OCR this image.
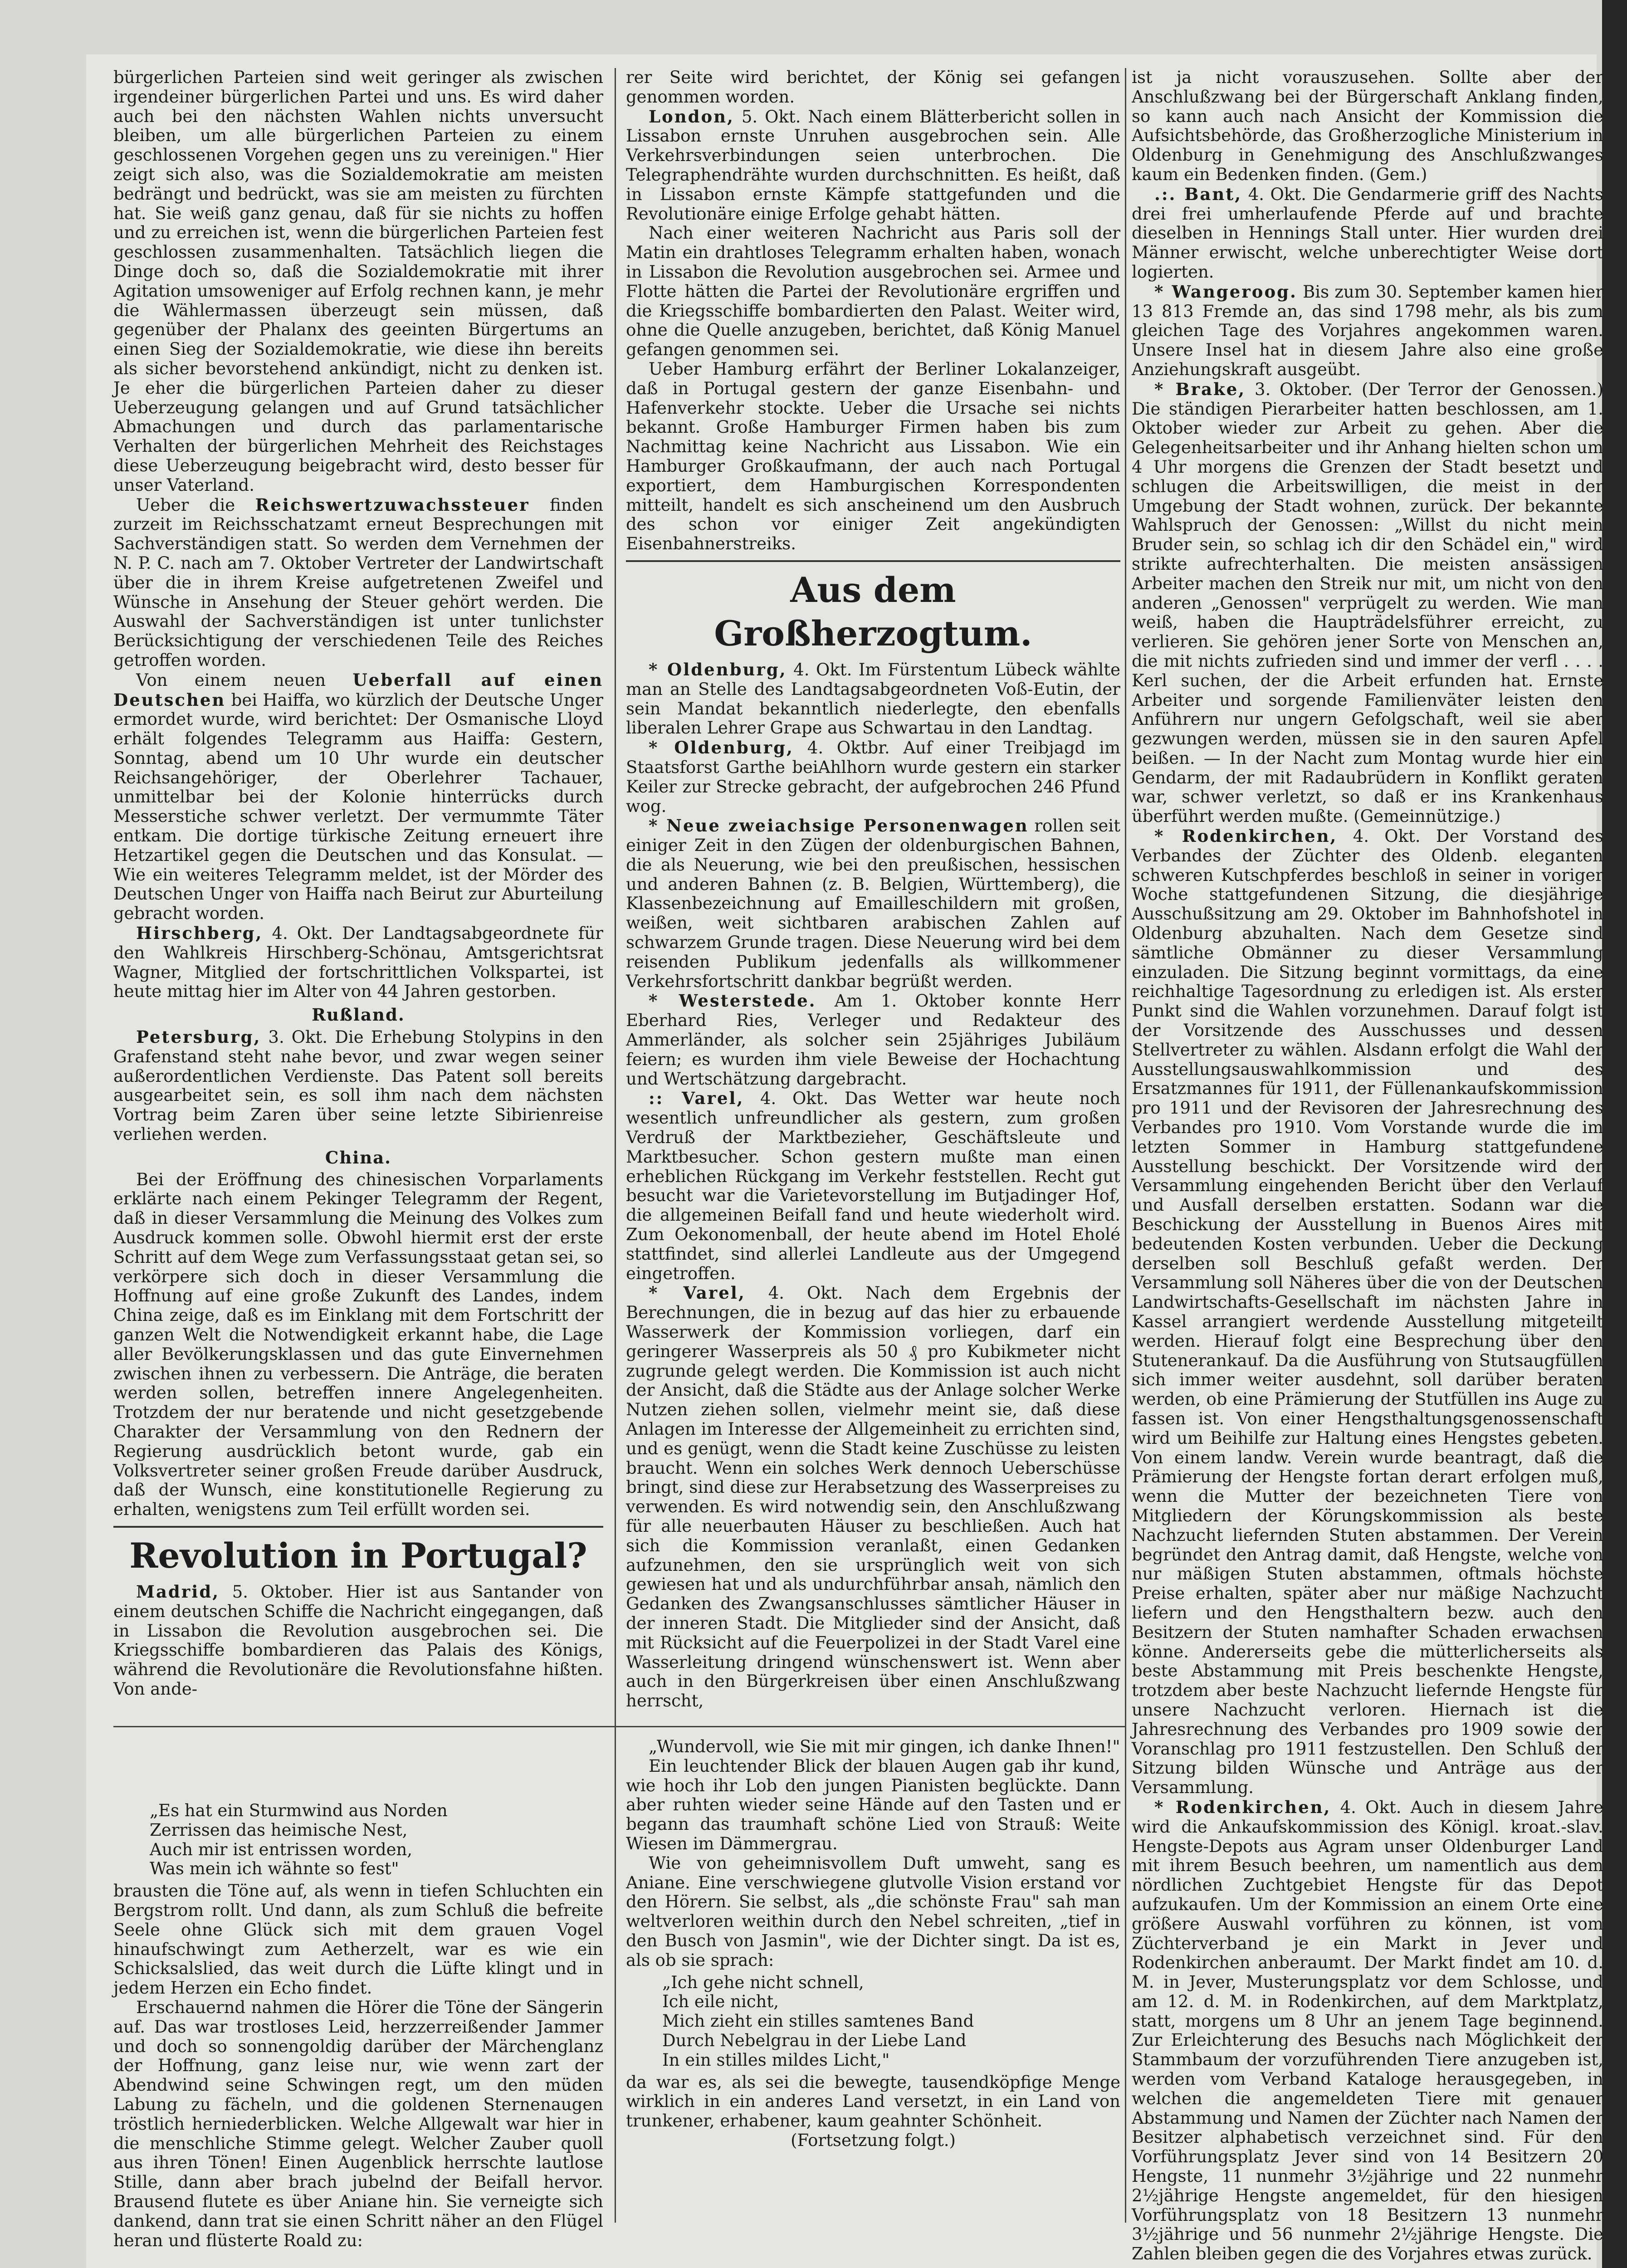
bürgerlichen Parteien sind weit geringer als zwischen irgendeiner bürgerlichen Partei und uns. Es wird daher auch bei den nächsten Wahlen nichts unversucht bleiben, um alle bürgerlichen Parteien zu einem geschlossenen Vorgehen gegen uns zu vereinigen." Hier zeigt sich also, was die Sozialdemokratie am meisten bedrängt und bedrückt, was sie am meisten zu fürchten hat. Sie weiß ganz genau, daß für sie nichts zu hoffen und zu erreichen ist, wenn die bürgerlichen Parteien fest geschlossen zusammenhalten. Tatsächlich liegen die Dinge doch so, daß die Sozialdemokratie mit ihrer Agitation umsoweniger auf Erfolg rechnen kann, je mehr die Wählermassen überzeugt sein müssen, daß gegenüber der Phalanx des geeinten Bürgertums an einen Sieg der Sozialdemokratie, wie diese ihn bereits als sicher bevorstehend ankündigt, nicht zu denken ist. Je eher die bürgerlichen Parteien daher zu dieser Ueberzeugung gelangen und auf Grund tatsächlicher Abmachungen und durch das parlamentarische Verhalten der bürgerlichen Mehrheit des Reichstages diese Ueberzeugung beigebracht wird, desto besser für unser Vaterland.

Ueber die Reichswertzuwachssteuer finden zurzeit im Reichsschatzamt erneut Besprechungen mit Sachverständigen statt. So werden dem Vernehmen der N. P. C. nach am 7. Oktober Vertreter der Landwirtschaft über die in ihrem Kreise aufgetretenen Zweifel und Wünsche in Ansehung der Steuer gehört werden. Die Auswahl der Sachverständigen ist unter tunlichster Berücksichtigung der verschiedenen Teile des Reiches getroffen worden.

Von einem neuen Ueberfall auf einen Deutschen bei Haiffa, wo kürzlich der Deutsche Unger ermordet wurde, wird berichtet: Der Osmanische Lloyd erhält folgendes Telegramm aus Haiffa: Gestern, Sonntag, abend um 10 Uhr wurde ein deutscher Reichsangehöriger, der Oberlehrer Tachauer, unmittelbar bei der Kolonie hinterrücks durch Messerstiche schwer verletzt. Der vermummte Täter entkam. Die dortige türkische Zeitung erneuert ihre Hetzartikel gegen die Deutschen und das Konsulat. — Wie ein weiteres Telegramm meldet, ist der Mörder des Deutschen Unger von Haiffa nach Beirut zur Aburteilung gebracht worden.

Hirschberg, 4. Okt. Der Landtagsabgeordnete für den Wahlkreis Hirschberg-Schönau, Amtsgerichtsrat Wagner, Mitglied der fortschrittlichen Volkspartei, ist heute mittag hier im Alter von 44 Jahren gestorben.

Rußland.

Petersburg, 3. Okt. Die Erhebung Stolypins in den Grafenstand steht nahe bevor, und zwar wegen seiner außerordentlichen Verdienste. Das Patent soll bereits ausgearbeitet sein, es soll ihm nach dem nächsten Vortrag beim Zaren über seine letzte Sibirienreise verliehen werden.

China.

Bei der Eröffnung des chinesischen Vorparlaments erklärte nach einem Pekinger Telegramm der Regent, daß in dieser Versammlung die Meinung des Volkes zum Ausdruck kommen solle. Obwohl hiermit erst der erste Schritt auf dem Wege zum Verfassungsstaat getan sei, so verkörpere sich doch in dieser Versammlung die Hoffnung auf eine große Zukunft des Landes, indem China zeige, daß es im Einklang mit dem Fortschritt der ganzen Welt die Notwendigkeit erkannt habe, die Lage aller Bevölkerungsklassen und das gute Einvernehmen zwischen ihnen zu verbessern. Die Anträge, die beraten werden sollen, betreffen innere Angelegenheiten. Trotzdem der nur beratende und nicht gesetzgebende Charakter der Versammlung von den Rednern der Regierung ausdrücklich betont wurde, gab ein Volksvertreter seiner großen Freude darüber Ausdruck, daß der Wunsch, eine konstitutionelle Regierung zu erhalten, wenigstens zum Teil erfüllt worden sei.

Revolution in Portugal?

Madrid, 5. Oktober. Hier ist aus Santander von einem deutschen Schiffe die Nachricht eingegangen, daß in Lissabon die Revolution ausgebrochen sei. Die Kriegsschiffe bombardieren das Palais des Königs, während die Revolutionäre die Revolutionsfahne hißten. Von ande-

„Es hat ein Sturmwind aus Norden
Zerrissen das heimische Nest,
Auch mir ist entrissen worden,
Was mein ich wähnte so fest"

brausten die Töne auf, als wenn in tiefen Schluchten ein Bergstrom rollt. Und dann, als zum Schluß die befreite Seele ohne Glück sich mit dem grauen Vogel hinaufschwingt zum Aetherzelt, war es wie ein Schicksalslied, das weit durch die Lüfte klingt und in jedem Herzen ein Echo findet.

Erschauernd nahmen die Hörer die Töne der Sängerin auf. Das war trostloses Leid, herzzerreißender Jammer und doch so sonnengoldig darüber der Märchenglanz der Hoffnung, ganz leise nur, wie wenn zart der Abendwind seine Schwingen regt, um den müden Labung zu fächeln, und die goldenen Sternenaugen tröstlich herniederblicken. Welche Allgewalt war hier in die menschliche Stimme gelegt. Welcher Zauber quoll aus ihren Tönen! Einen Augenblick herrschte lautlose Stille, dann aber brach jubelnd der Beifall hervor. Brausend flutete es über Aniane hin. Sie verneigte sich dankend, dann trat sie einen Schritt näher an den Flügel heran und flüsterte Roald zu:

rer Seite wird berichtet, der König sei gefangen genommen worden.

London, 5. Okt. Nach einem Blätterbericht sollen in Lissabon ernste Unruhen ausgebrochen sein. Alle Verkehrsverbindungen seien unterbrochen. Die Telegraphendrähte wurden durchschnitten. Es heißt, daß in Lissabon ernste Kämpfe stattgefunden und die Revolutionäre einige Erfolge gehabt hätten.

Nach einer weiteren Nachricht aus Paris soll der Matin ein drahtloses Telegramm erhalten haben, wonach in Lissabon die Revolution ausgebrochen sei. Armee und Flotte hätten die Partei der Revolutionäre ergriffen und die Kriegsschiffe bombardierten den Palast. Weiter wird, ohne die Quelle anzugeben, berichtet, daß König Manuel gefangen genommen sei.

Ueber Hamburg erfährt der Berliner Lokalanzeiger, daß in Portugal gestern der ganze Eisenbahn- und Hafenverkehr stockte. Ueber die Ursache sei nichts bekannt. Große Hamburger Firmen haben bis zum Nachmittag keine Nachricht aus Lissabon. Wie ein Hamburger Großkaufmann, der auch nach Portugal exportiert, dem Hamburgischen Korrespondenten mitteilt, handelt es sich anscheinend um den Ausbruch des schon vor einiger Zeit angekündigten Eisenbahnerstreiks.

Aus dem Großherzogtum.

* Oldenburg, 4. Okt. Im Fürstentum Lübeck wählte man an Stelle des Landtagsabgeordneten Voß-Eutin, der sein Mandat bekanntlich niederlegte, den ebenfalls liberalen Lehrer Grape aus Schwartau in den Landtag.

* Oldenburg, 4. Oktbr. Auf einer Treibjagd im Staatsforst Garthe beiAhlhorn wurde gestern ein starker Keiler zur Strecke gebracht, der aufgebrochen 246 Pfund wog.

* Neue zweiachsige Personenwagen rollen seit einiger Zeit in den Zügen der oldenburgischen Bahnen, die als Neuerung, wie bei den preußischen, hessischen und anderen Bahnen (z. B. Belgien, Württemberg), die Klassenbezeichnung auf Emailleschildern mit großen, weißen, weit sichtbaren arabischen Zahlen auf schwarzem Grunde tragen. Diese Neuerung wird bei dem reisenden Publikum jedenfalls als willkommener Verkehrsfortschritt dankbar begrüßt werden.

* Westerstede. Am 1. Oktober konnte Herr Eberhard Ries, Verleger und Redakteur des Ammerländer, als solcher sein 25jähriges Jubiläum feiern; es wurden ihm viele Beweise der Hochachtung und Wertschätzung dargebracht.

:: Varel, 4. Okt. Das Wetter war heute noch wesentlich unfreundlicher als gestern, zum großen Verdruß der Marktbezieher, Geschäftsleute und Marktbesucher. Schon gestern mußte man einen erheblichen Rückgang im Verkehr feststellen. Recht gut besucht war die Varietevorstellung im Butjadinger Hof, die allgemeinen Beifall fand und heute wiederholt wird. Zum Oekonomenball, der heute abend im Hotel Eholé stattfindet, sind allerlei Landleute aus der Umgegend eingetroffen.

* Varel, 4. Okt. Nach dem Ergebnis der Berechnungen, die in bezug auf das hier zu erbauende Wasserwerk der Kommission vorliegen, darf ein geringerer Wasserpreis als 50 ₰ pro Kubikmeter nicht zugrunde gelegt werden. Die Kommission ist auch nicht der Ansicht, daß die Städte aus der Anlage solcher Werke Nutzen ziehen sollen, vielmehr meint sie, daß diese Anlagen im Interesse der Allgemeinheit zu errichten sind, und es genügt, wenn die Stadt keine Zuschüsse zu leisten braucht. Wenn ein solches Werk dennoch Ueberschüsse bringt, sind diese zur Herabsetzung des Wasserpreises zu verwenden. Es wird notwendig sein, den Anschlußzwang für alle neuerbauten Häuser zu beschließen. Auch hat sich die Kommission veranlaßt, einen Gedanken aufzunehmen, den sie ursprünglich weit von sich gewiesen hat und als undurchführbar ansah, nämlich den Gedanken des Zwangsanschlusses sämtlicher Häuser in der inneren Stadt. Die Mitglieder sind der Ansicht, daß mit Rücksicht auf die Feuerpolizei in der Stadt Varel eine Wasserleitung dringend wünschenswert ist. Wenn aber auch in den Bürgerkreisen über einen Anschlußzwang herrscht,

„Wundervoll, wie Sie mit mir gingen, ich danke Ihnen!"

Ein leuchtender Blick der blauen Augen gab ihr kund, wie hoch ihr Lob den jungen Pianisten beglückte. Dann aber ruhten wieder seine Hände auf den Tasten und er begann das traumhaft schöne Lied von Strauß: Weite Wiesen im Dämmergrau.

Wie von geheimnisvollem Duft umweht, sang es Aniane. Eine verschwiegene glutvolle Vision erstand vor den Hörern. Sie selbst, als „die schönste Frau" sah man weltverloren weithin durch den Nebel schreiten, „tief in den Busch von Jasmin", wie der Dichter singt. Da ist es, als ob sie sprach:

„Ich gehe nicht schnell,
Ich eile nicht,
Mich zieht ein stilles samtenes Band
Durch Nebelgrau in der Liebe Land
In ein stilles mildes Licht,"

da war es, als sei die bewegte, tausendköpfige Menge wirklich in ein anderes Land versetzt, in ein Land von trunkener, erhabener, kaum geahnter Schönheit.

(Fortsetzung folgt.)

ist ja nicht vorauszusehen. Sollte aber der Anschlußzwang bei der Bürgerschaft Anklang finden, so kann auch nach Ansicht der Kommission die Aufsichtsbehörde, das Großherzogliche Ministerium in Oldenburg in Genehmigung des Anschlußzwanges kaum ein Bedenken finden. (Gem.)

.:. Bant, 4. Okt. Die Gendarmerie griff des Nachts drei frei umherlaufende Pferde auf und brachte dieselben in Hennings Stall unter. Hier wurden drei Männer erwischt, welche unberechtigter Weise dort logierten.

* Wangeroog. Bis zum 30. September kamen hier 13 813 Fremde an, das sind 1798 mehr, als bis zum gleichen Tage des Vorjahres angekommen waren. Unsere Insel hat in diesem Jahre also eine große Anziehungskraft ausgeübt.

* Brake, 3. Oktober. (Der Terror der Genossen.) Die ständigen Pierarbeiter hatten beschlossen, am 1. Oktober wieder zur Arbeit zu gehen. Aber die Gelegenheitsarbeiter und ihr Anhang hielten schon um 4 Uhr morgens die Grenzen der Stadt besetzt und schlugen die Arbeitswilligen, die meist in der Umgebung der Stadt wohnen, zurück. Der bekannte Wahlspruch der Genossen: „Willst du nicht mein Bruder sein, so schlag ich dir den Schädel ein," wird strikte aufrechterhalten. Die meisten ansässigen Arbeiter machen den Streik nur mit, um nicht von den anderen „Genossen" verprügelt zu werden. Wie man weiß, haben die Haupträdelsführer erreicht, zu verlieren. Sie gehören jener Sorte von Menschen an, die mit nichts zufrieden sind und immer der verfl . . . . Kerl suchen, der die Arbeit erfunden hat. Ernste Arbeiter und sorgende Familienväter leisten den Anführern nur ungern Gefolgschaft, weil sie aber gezwungen werden, müssen sie in den sauren Apfel beißen. — In der Nacht zum Montag wurde hier ein Gendarm, der mit Radaubrüdern in Konflikt geraten war, schwer verletzt, so daß er ins Krankenhaus überführt werden mußte. (Gemeinnützige.)

* Rodenkirchen, 4. Okt. Der Vorstand des Verbandes der Züchter des Oldenb. eleganten schweren Kutschpferdes beschloß in seiner in voriger Woche stattgefundenen Sitzung, die diesjährige Ausschußsitzung am 29. Oktober im Bahnhofshotel in Oldenburg abzuhalten. Nach dem Gesetze sind sämtliche Obmänner zu dieser Versammlung einzuladen. Die Sitzung beginnt vormittags, da eine reichhaltige Tagesordnung zu erledigen ist. Als erster Punkt sind die Wahlen vorzunehmen. Darauf folgt ist der Vorsitzende des Ausschusses und dessen Stellvertreter zu wählen. Alsdann erfolgt die Wahl der Ausstellungsauswahlkommission und des Ersatzmannes für 1911, der Füllenankaufskommission pro 1911 und der Revisoren der Jahresrechnung des Verbandes pro 1910. Vom Vorstande wurde die im letzten Sommer in Hamburg stattgefundene Ausstellung beschickt. Der Vorsitzende wird der Versammlung eingehenden Bericht über den Verlauf und Ausfall derselben erstatten. Sodann war die Beschickung der Ausstellung in Buenos Aires mit bedeutenden Kosten verbunden. Ueber die Deckung derselben soll Beschluß gefaßt werden. Der Versammlung soll Näheres über die von der Deutschen Landwirtschafts-Gesellschaft im nächsten Jahre in Kassel arrangiert werdende Ausstellung mitgeteilt werden. Hierauf folgt eine Besprechung über den Stutenerankauf. Da die Ausführung von Stutsaugfüllen sich immer weiter ausdehnt, soll darüber beraten werden, ob eine Prämierung der Stutfüllen ins Auge zu fassen ist. Von einer Hengsthaltungsgenossenschaft wird um Beihilfe zur Haltung eines Hengstes gebeten. Von einem landw. Verein wurde beantragt, daß die Prämierung der Hengste fortan derart erfolgen muß, wenn die Mutter der bezeichneten Tiere von Mitgliedern der Körungskommission als beste Nachzucht liefernden Stuten abstammen. Der Verein begründet den Antrag damit, daß Hengste, welche von nur mäßigen Stuten abstammen, oftmals höchste Preise erhalten, später aber nur mäßige Nachzucht liefern und den Hengsthaltern bezw. auch den Besitzern der Stuten namhafter Schaden erwachsen könne. Andererseits gebe die mütterlicherseits als beste Abstammung mit Preis beschenkte Hengste, trotzdem aber beste Nachzucht liefernde Hengste für unsere Nachzucht verloren. Hiernach ist die Jahresrechnung des Verbandes pro 1909 sowie der Voranschlag pro 1911 festzustellen. Den Schluß der Sitzung bilden Wünsche und Anträge aus der Versammlung.

* Rodenkirchen, 4. Okt. Auch in diesem Jahre wird die Ankaufskommission des Königl. kroat.-slav. Hengste-Depots aus Agram unser Oldenburger Land mit ihrem Besuch beehren, um namentlich aus dem nördlichen Zuchtgebiet Hengste für das Depot aufzukaufen. Um der Kommission an einem Orte eine größere Auswahl vorführen zu können, ist vom Züchterverband je ein Markt in Jever und Rodenkirchen anberaumt. Der Markt findet am 10. d. M. in Jever, Musterungsplatz vor dem Schlosse, und am 12. d. M. in Rodenkirchen, auf dem Marktplatz, statt, morgens um 8 Uhr an jenem Tage beginnend. Zur Erleichterung des Besuchs nach Möglichkeit der Stammbaum der vorzuführenden Tiere anzugeben ist, werden vom Verband Kataloge herausgegeben, in welchen die angemeldeten Tiere mit genauer Abstammung und Namen der Züchter nach Namen der Besitzer alphabetisch verzeichnet sind. Für den Vorführungsplatz Jever sind von 14 Besitzern 20 Hengste, 11 nunmehr 3½jährige und 22 nunmehr 2½jährige Hengste angemeldet, für den hiesigen Vorführungsplatz von 18 Besitzern 13 nunmehr 3½jährige und 56 nunmehr 2½jährige Hengste. Die Zahlen bleiben gegen die des Vorjahres etwas zurück.
